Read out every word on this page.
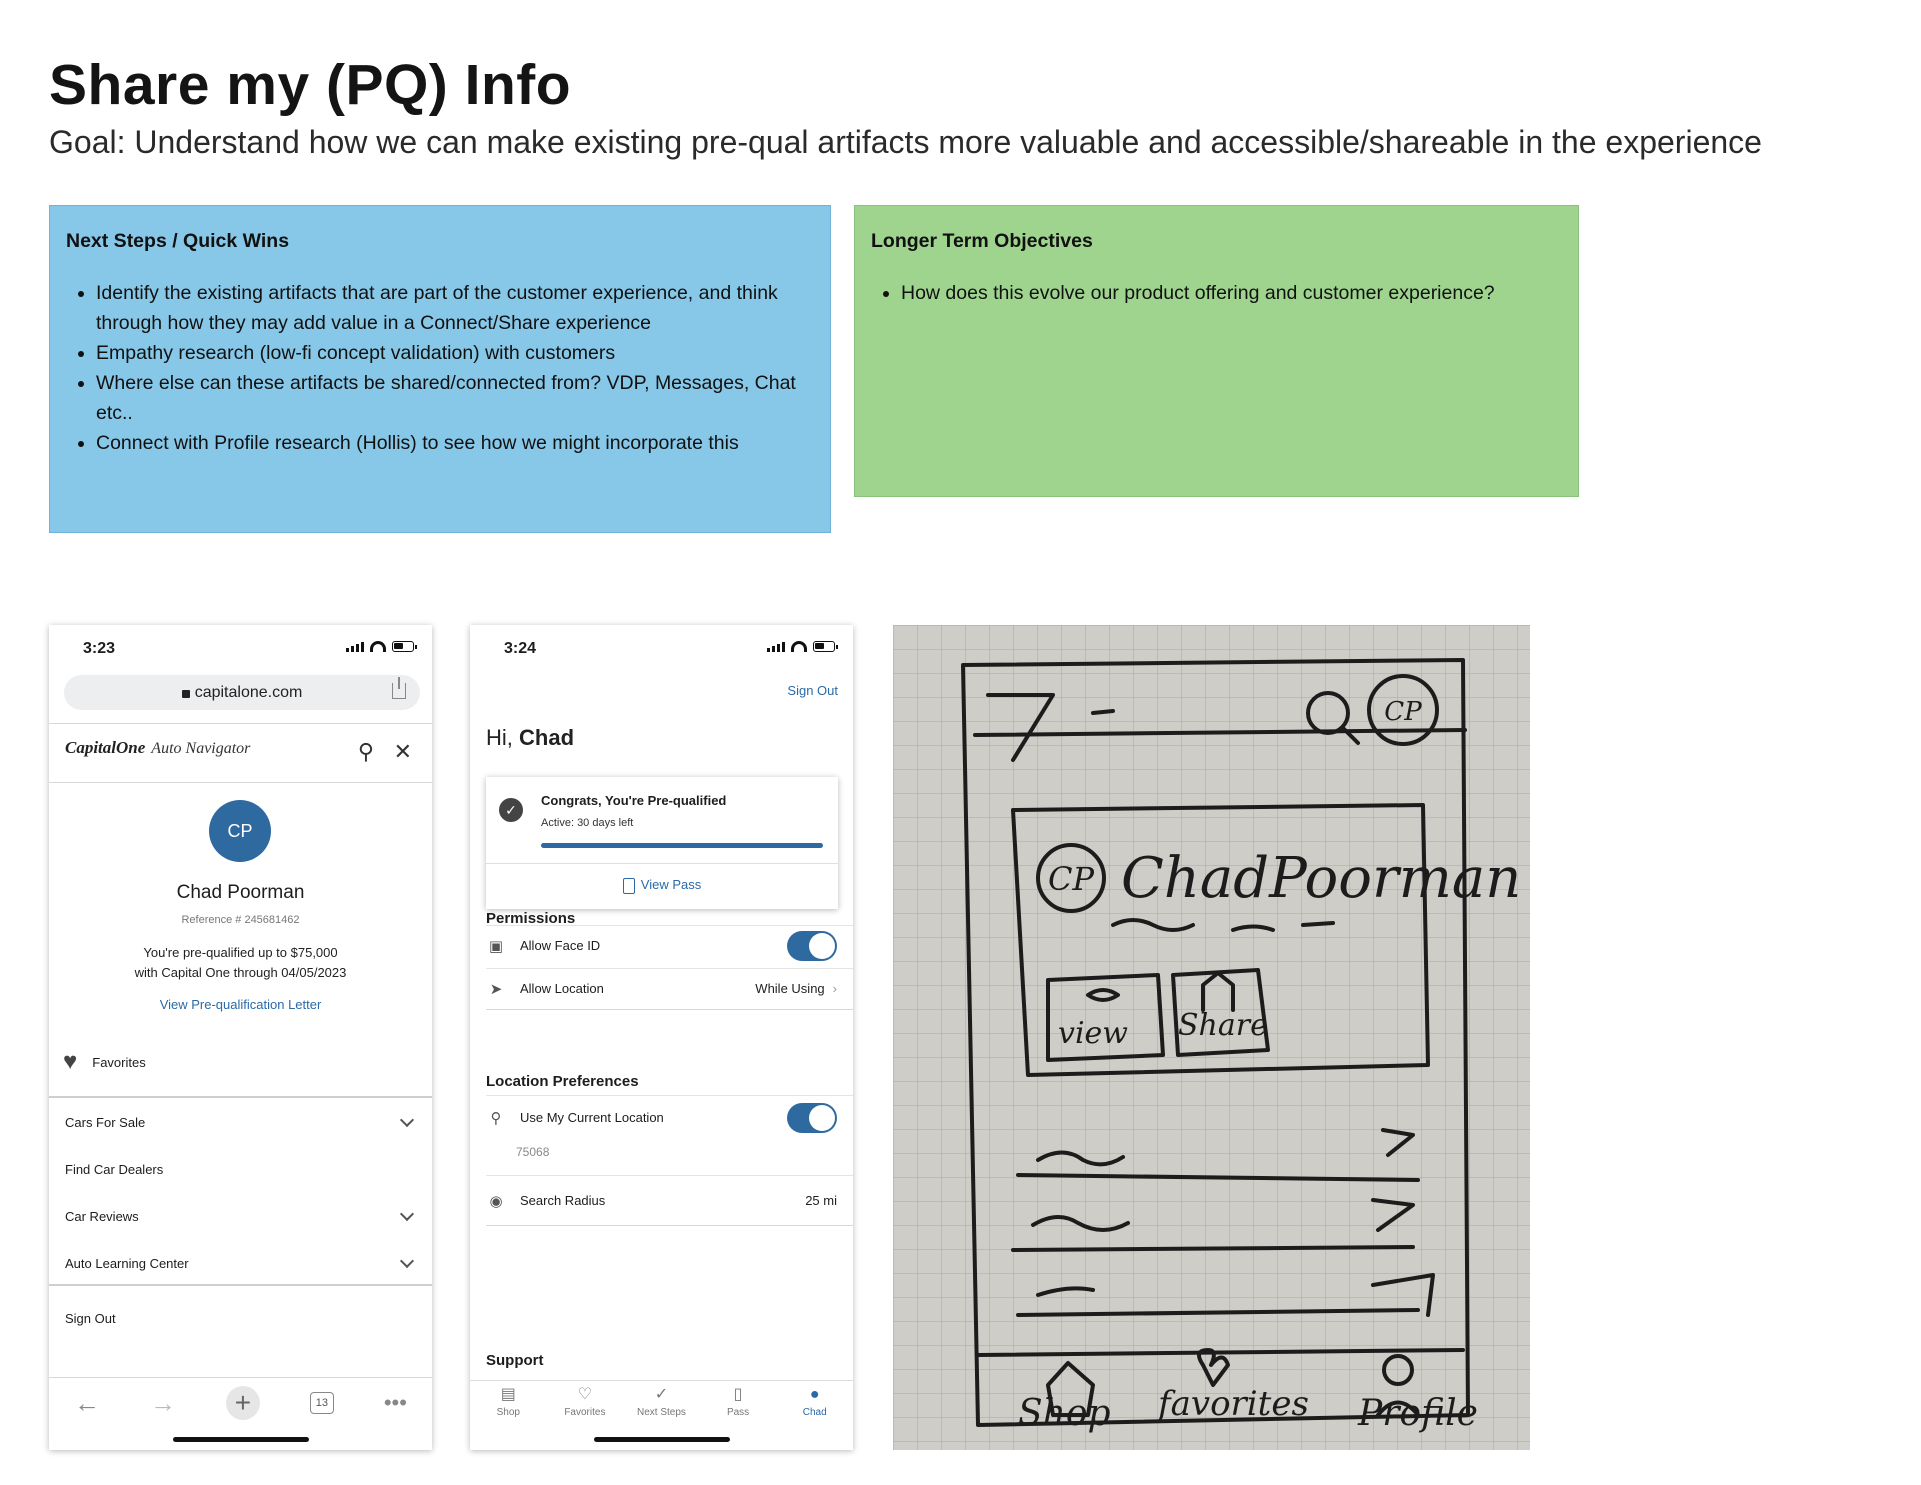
Share my (PQ) Info
Goal: Understand how we can make existing pre-qual artifacts more valuable and accessible/shareable in the experience
Next Steps / Quick Wins
• Identify the existing artifacts that are part of the customer experience, and think through how they may add value in a Connect/Share experience
• Empathy research (low-fi concept validation) with customers
• Where else can these artifacts be shared/connected from? VDP, Messages, Chat etc..
• Connect with Profile research (Hollis) to see how we might incorporate this
Longer Term Objectives
• How does this evolve our product offering and customer experience?
3:23
capitalone.com
CapitalOne Auto Navigator	⚲ ✕
CP
Chad Poorman
Reference # 245681462
You're pre-qualified up to $75,000
with Capital One through 04/05/2023
View Pre-qualification Letter
♥ Favorites
Cars For Sale
Find Car Dealers
Car Reviews
Auto Learning Center
Sign Out
← →	+	13	•••
3:24
Sign Out
Hi, Chad
✓
Congrats, You're Pre-qualified
Active: 30 days left
View Pass
Permissions
▣ Allow Face ID
➤ Allow Location	While Using ›
Location Preferences
⚲	Use My Current Location
75068
◉ Search Radius	25 mi
Support
▤
Shop
♡
Favorites
✓
Next Steps
▯
Pass
●
Chad
CP
CP ChadPoorman
view Share
Shop favorites Profile
